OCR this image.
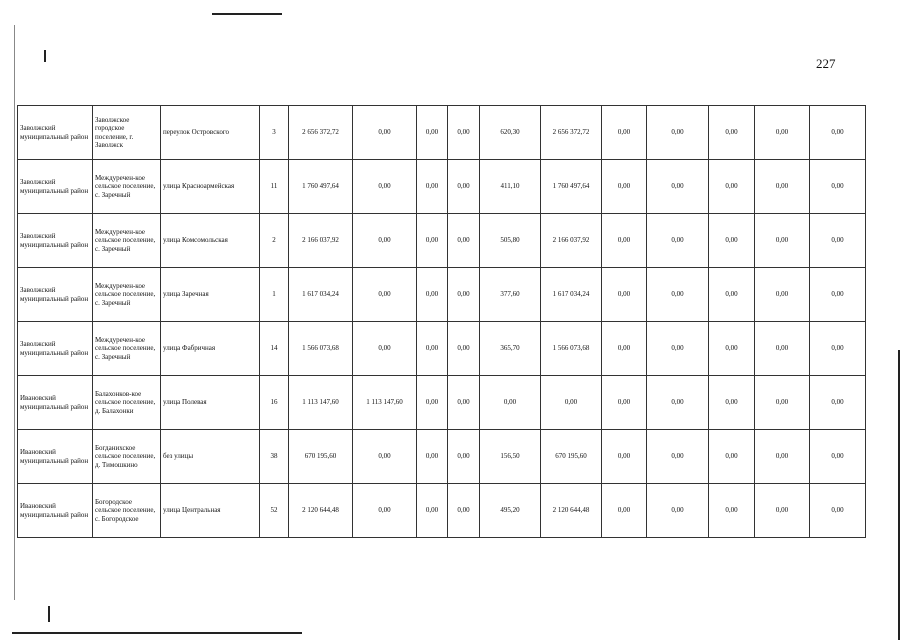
227
Заволжский муниципальный район	Заволжское городское поселение, г. Заволжск	переулок Островского	3	2 656 372,72	0,00	0,00	0,00	620,30	2 656 372,72	0,00	0,00	0,00	0,00	0,00
Заволжский муниципальный район	Междуречен-кое сельское поселение, с. Заречный	улица Красноармейская	11	1 760 497,64	0,00	0,00	0,00	411,10	1 760 497,64	0,00	0,00	0,00	0,00	0,00
Заволжский муниципальный район	Междуречен-кое сельское поселение, с. Заречный	улица Комсомольская	2	2 166 037,92	0,00	0,00	0,00	505,80	2 166 037,92	0,00	0,00	0,00	0,00	0,00
Заволжский муниципальный район	Междуречен-кое сельское поселение, с. Заречный	улица Заречная	1	1 617 034,24	0,00	0,00	0,00	377,60	1 617 034,24	0,00	0,00	0,00	0,00	0,00
Заволжский муниципальный район	Междуречен-кое сельское поселение, с. Заречный	улица Фабричная	14	1 566 073,68	0,00	0,00	0,00	365,70	1 566 073,68	0,00	0,00	0,00	0,00	0,00
Ивановский муниципальный район	Балахонков-кое сельское поселение, д. Балахонки	улица Полевая	16	1 113 147,60	1 113 147,60	0,00	0,00	0,00	0,00	0,00	0,00	0,00	0,00	0,00
Ивановский муниципальный район	Богданихское сельское поселение, д. Тимошкино	без улицы	38	670 195,60	0,00	0,00	0,00	156,50	670 195,60	0,00	0,00	0,00	0,00	0,00
Ивановский муниципальный район	Богородское сельское поселение, с. Богородское	улица Центральная	52	2 120 644,48	0,00	0,00	0,00	495,20	2 120 644,48	0,00	0,00	0,00	0,00	0,00
